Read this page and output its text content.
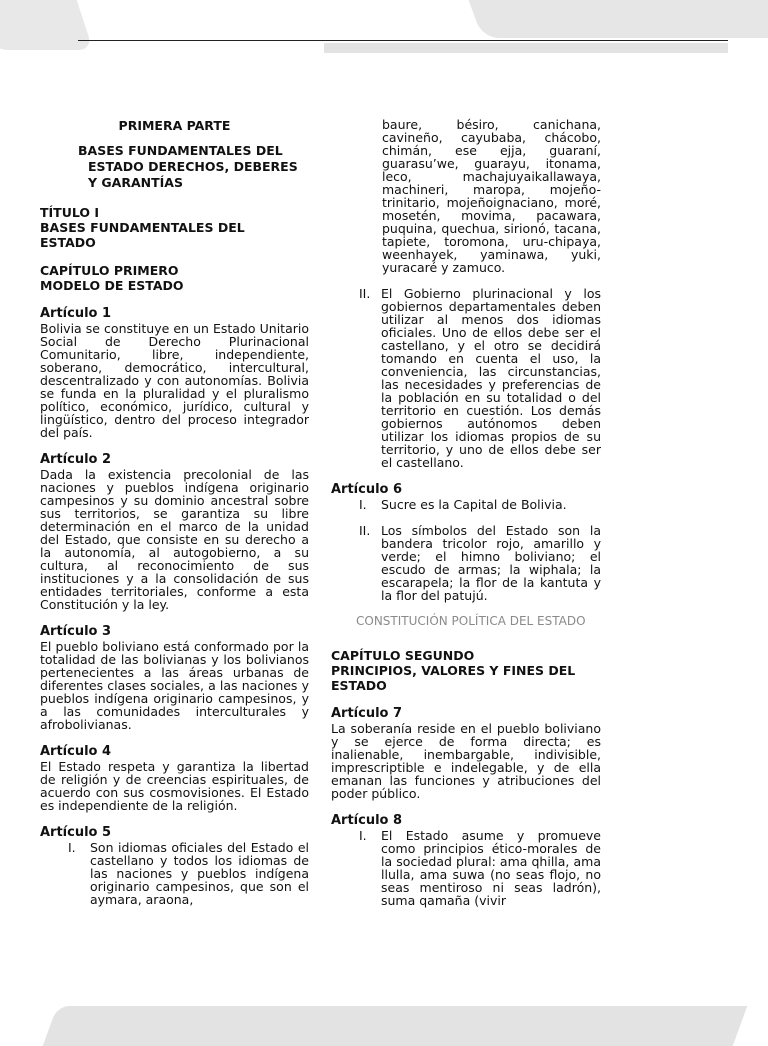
PRIMERA PARTE
BASES FUNDAMENTALES DEL
ESTADO DERECHOS, DEBERES
Y GARANTÍAS
TÍTULO I
BASES FUNDAMENTALES DEL
ESTADO
CAPÍTULO PRIMERO
MODELO DE ESTADO
Artículo 1
Bolivia se constituye en un Estado Unitario Social de Derecho Plurinacional Comunitario, libre, independiente, soberano, democrático, intercultural, descentralizado y con autonomías. Bolivia se funda en la pluralidad y el pluralismo político, económico, jurídico, cultural y lingüístico, dentro del proceso integrador del país.
Artículo 2
Dada la existencia precolonial de las naciones y pueblos indígena originario campesinos y su dominio ancestral sobre sus territorios, se garantiza su libre determinación en el marco de la unidad del Estado, que consiste en su derecho a la autonomía, al autogobierno, a su cultura, al reconocimiento de sus instituciones y a la consolidación de sus entidades territoriales, conforme a esta Constitución y la ley.
Artículo 3
El pueblo boliviano está conformado por la totalidad de las bolivianas y los bolivianos pertenecientes a las áreas urbanas de diferentes clases sociales, a las naciones y pueblos indígena originario campesinos, y a las comunidades interculturales y afrobolivianas.
Artículo 4
El Estado respeta y garantiza la libertad de religión y de creencias espirituales, de acuerdo con sus cosmovisiones. El Estado es independiente de la religión.
Artículo 5
I.	Son idiomas oficiales del Estado el castellano y todos los idiomas de las naciones y pueblos indígena originario campesinos, que son el aymara, araona,
baure, bésiro, canichana, cavineño, cayubaba, chácobo, chimán, ese ejja, guaraní, guarasu’we, guarayu, itonama, leco, machajuyaikallawaya, machineri, maropa, mojeño-trinitario, mojeñoignaciano, moré, mosetén, movima, pacawara, puquina, quechua, sirionó, tacana, tapiete, toromona, uru-chipaya, weenhayek, yaminawa, yuki, yuracaré y zamuco.
II. El Gobierno plurinacional y los gobiernos departamentales deben utilizar al menos dos idiomas oficiales. Uno de ellos debe ser el castellano, y el otro se decidirá tomando en cuenta el uso, la conveniencia, las circunstancias, las necesidades y preferencias de la población en su totalidad o del territorio en cuestión. Los demás gobiernos autónomos deben utilizar los idiomas propios de su territorio, y uno de ellos debe ser el castellano.
Artículo 6
I.	Sucre es la Capital de Bolivia.
II. Los símbolos del Estado son la bandera tricolor rojo, amarillo y verde; el himno boliviano; el escudo de armas; la wiphala; la escarapela; la flor de la kantuta y la flor del patujú.
CONSTITUCIÓN POLÍTICA DEL ESTADO
CAPÍTULO SEGUNDO
PRINCIPIOS, VALORES Y FINES DEL
ESTADO
Artículo 7
La soberanía reside en el pueblo boliviano y se ejerce de forma directa; es inalienable, inembargable, indivisible, imprescriptible e indelegable, y de ella emanan las funciones y atribuciones del poder público.
Artículo 8
I.	El Estado asume y promueve como principios ético-morales de la sociedad plural: ama qhilla, ama llulla, ama suwa (no seas flojo, no seas mentiroso ni seas ladrón), suma qamaña (vivir
